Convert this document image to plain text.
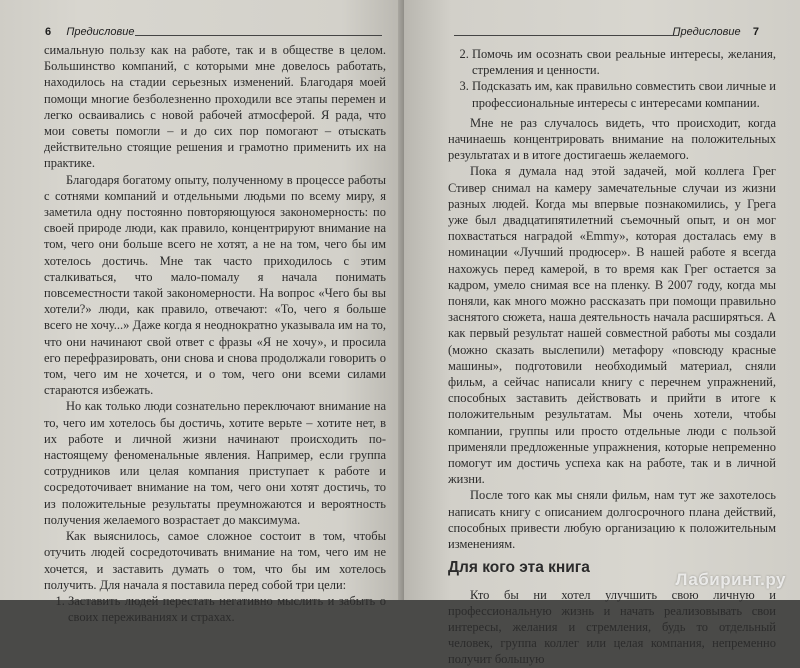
6 Предисловие

симальную пользу как на работе, так и в обществе в целом. Большинство компаний, с которыми мне довелось работать, находилось на стадии серьезных изменений. Благодаря моей помощи многие безболезненно проходили все этапы перемен и легко осваивались с новой рабочей атмосферой. Я рада, что мои советы помогли – и до сих пор помогают – отыскать действительно стоящие решения и грамотно применить их на практике.

Благодаря богатому опыту, полученному в процессе работы с сотнями компаний и отдельными людьми по всему миру, я заметила одну постоянно повторяющуюся закономерность: по своей природе люди, как правило, концентрируют внимание на том, чего они больше всего не хотят, а не на том, чего бы им хотелось достичь. Мне так часто приходилось с этим сталкиваться, что мало-помалу я начала понимать повсеместности такой закономерности. На вопрос «Чего бы вы хотели?» люди, как правило, отвечают: «То, чего я больше всего не хочу...» Даже когда я неоднократно указывала им на то, что они начинают свой ответ с фразы «Я не хочу», и просила его перефразировать, они снова и снова продолжали говорить о том, чего им не хочется, и о том, чего они всеми силами стараются избежать.

Но как только люди сознательно переключают внимание на то, чего им хотелось бы достичь, хотите верьте – хотите нет, в их работе и личной жизни начинают происходить по-настоящему феноменальные явления. Например, если группа сотрудников или целая компания приступает к работе и сосредоточивает внимание на том, чего они хотят достичь, то из положительные результаты преумножаются и вероятность получения желаемого возрастает до максимума.

Как выяснилось, самое сложное состоит в том, чтобы отучить людей сосредоточивать внимание на том, чего им не хочется, и заставить думать о том, что бы им хотелось получить. Для начала я поставила перед собой три цели:

1. Заставить людей перестать негативно мыслить и забыть о своих переживаниях и страхах.
Предисловие 7
2. Помочь им осознать свои реальные интересы, желания, стремления и ценности.
3. Подсказать им, как правильно совместить свои личные и профессиональные интересы с интересами компании.

Мне не раз случалось видеть, что происходит, когда начинаешь концентрировать внимание на положительных результатах и в итоге достигаешь желаемого.

Пока я думала над этой задачей, мой коллега Грег Стивер снимал на камеру замечательные случаи из жизни разных людей. Когда мы впервые познакомились, у Грега уже был двадцатипятилетний съемочный опыт, и он мог похвастаться наградой «Emmy», которая досталась ему в номинации «Лучший продюсер». В нашей работе я всегда нахожусь перед камерой, в то время как Грег остается за кадром, умело снимая все на пленку. В 2007 году, когда мы поняли, как много можно рассказать при помощи правильно заснятого сюжета, наша деятельность начала расширяться. А как первый результат нашей совместной работы мы создали (можно сказать выслепили) метафору «повсюду красные машины», подготовили необходимый материал, сняли фильм, а сейчас написали книгу с перечнем упражнений, способных заставить действовать и прийти в итоге к положительным результатам. Мы очень хотели, чтобы компании, группы или просто отдельные люди с пользой применяли предложенные упражнения, которые непременно помогут им достичь успеха как на работе, так и в личной жизни.

После того как мы сняли фильм, нам тут же захотелось написать книгу с описанием долгосрочного плана действий, способных привести любую организацию к положительным изменениям.

Для кого эта книга

Кто бы ни хотел улучшить свою личную и профессиональную жизнь и начать реализовывать свои интересы, желания и стремления, будь то отдельный человек, группа коллег или целая компания, непременно получит большую

Лабиринт.ру
